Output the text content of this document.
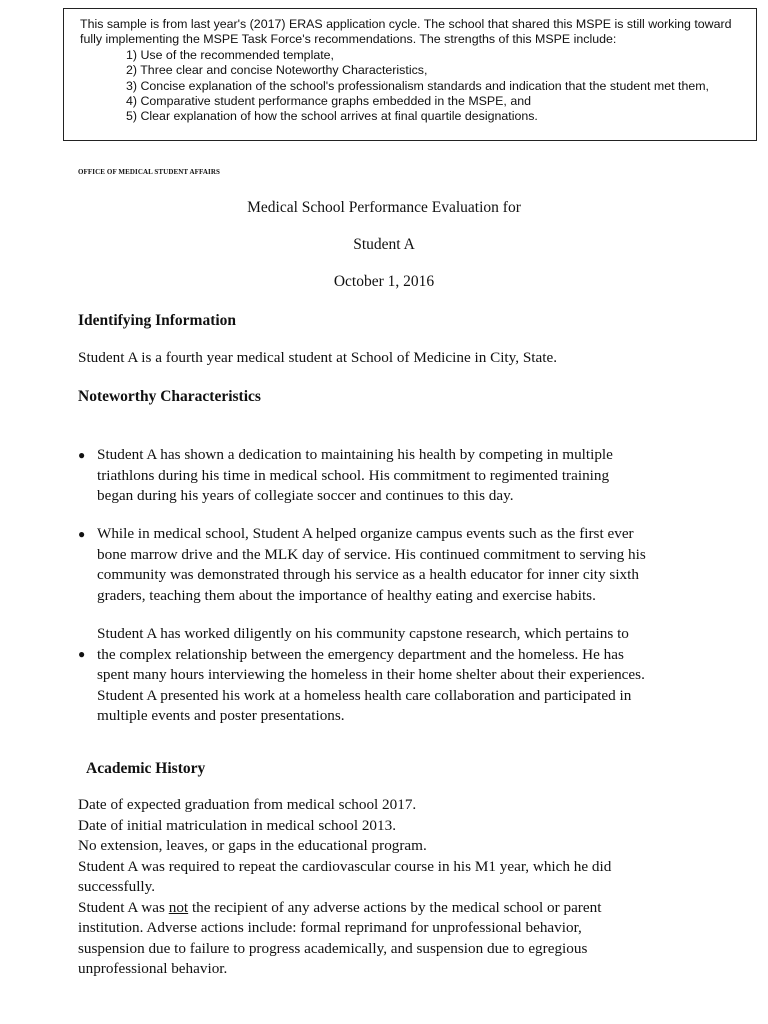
This sample is from last year's (2017) ERAS application cycle. The school that shared this MSPE is still working toward fully implementing the MSPE Task Force's recommendations. The strengths of this MSPE include:

1) Use of the recommended template,
2) Three clear and concise Noteworthy Characteristics,
3) Concise explanation of the school's professionalism standards and indication that the student met them,
4) Comparative student performance graphs embedded in the MSPE, and
5) Clear explanation of how the school arrives at final quartile designations.
OFFICE OF MEDICAL STUDENT AFFAIRS
Medical School Performance Evaluation for
Student A
October 1, 2016
Identifying Information
Student A is a fourth year medical student at School of Medicine in City, State.
Noteworthy Characteristics
● Student A has shown a dedication to maintaining his health by competing in multiple
triathlons during his time in medical school. His commitment to regimented training
began during his years of collegiate soccer and continues to this day.
● While in medical school, Student A helped organize campus events such as the first ever
bone marrow drive and the MLK day of service. His continued commitment to serving his
community was demonstrated through his service as a health educator for inner city sixth
graders, teaching them about the importance of healthy eating and exercise habits.
●
Student A has worked diligently on his community capstone research, which pertains to
the complex relationship between the emergency department and the homeless. He has
spent many hours interviewing the homeless in their home shelter about their experiences.
Student A presented his work at a homeless health care collaboration and participated in
multiple events and poster presentations.
Academic History
Date of expected graduation from medical school 2017.
Date of initial matriculation in medical school 2013.
No extension, leaves, or gaps in the educational program.
Student A was required to repeat the cardiovascular course in his M1 year, which he did
successfully.
Student A was not the recipient of any adverse actions by the medical school or parent
institution. Adverse actions include: formal reprimand for unprofessional behavior,
suspension due to failure to progress academically, and suspension due to egregious
unprofessional behavior.
